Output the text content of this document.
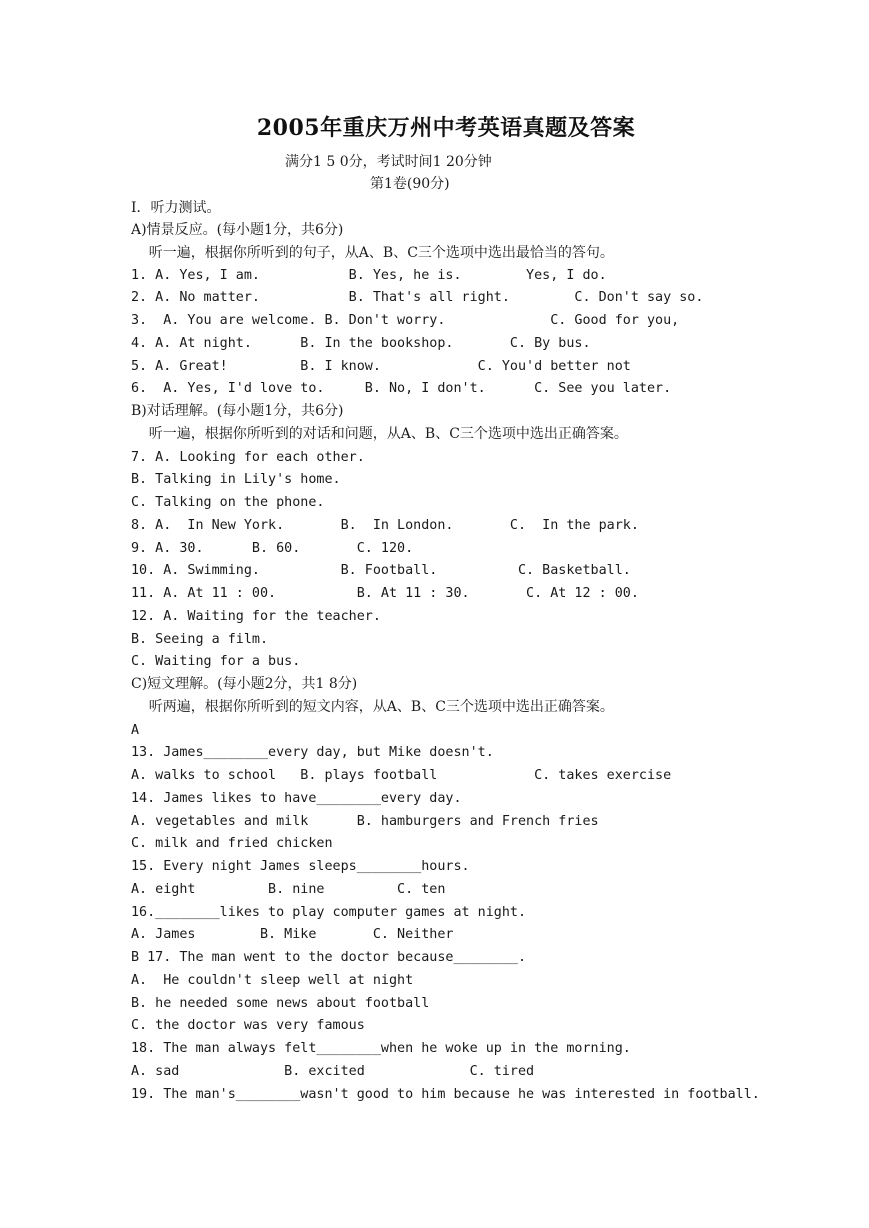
2005年重庆万州中考英语真题及答案
满分1 5 0分，考试时间1 20分钟
第1卷(90分)
I．听力测试。
A)情景反应。(每小题1分，共6分)
听一遍，根据你所听到的句子，从A、B、C三个选项中选出最恰当的答句。
1. A. Yes, I am.           B. Yes, he is.        Yes, I do.
2. A. No matter.           B. That's all right.        C. Don't say so.
3.  A. You are welcome. B. Don't worry.             C. Good for you,
4. A. At night.      B. In the bookshop.       C. By bus.
5. A. Great!         B. I know.            C. You'd better not
6.  A. Yes, I'd love to.     B. No, I don't.      C. See you later.
B)对话理解。(每小题1分，共6分)
听一遍，根据你所听到的对话和问题，从A、B、C三个选项中选出正确答案。
7. A. Looking for each other.
B. Talking in Lily's home.
C. Talking on the phone.
8. A.  In New York.       B.  In London.       C.  In the park.
9. A. 30.      B. 60.       C. 120.
10. A. Swimming.          B. Football.          C. Basketball.
11. A. At 11 : 00.          B. At 11 : 30.       C. At 12 : 00.
12. A. Waiting for the teacher.
B. Seeing a film.
C. Waiting for a bus.
C)短文理解。(每小题2分，共1 8分)
听两遍，根据你所听到的短文内容，从A、B、C三个选项中选出正确答案。
A
13. James________every day, but Mike doesn't.
A. walks to school   B. plays football            C. takes exercise
14. James likes to have________every day.
A. vegetables and milk      B. hamburgers and French fries
C. milk and fried chicken
15. Every night James sleeps________hours.
A. eight         B. nine         C. ten
16.________likes to play computer games at night.
A. James        B. Mike       C. Neither
B 17. The man went to the doctor because________.
A.  He couldn't sleep well at night
B. he needed some news about football
C. the doctor was very famous
18. The man always felt________when he woke up in the morning.
A. sad             B. excited             C. tired
19. The man's________wasn't good to him because he was interested in football.
